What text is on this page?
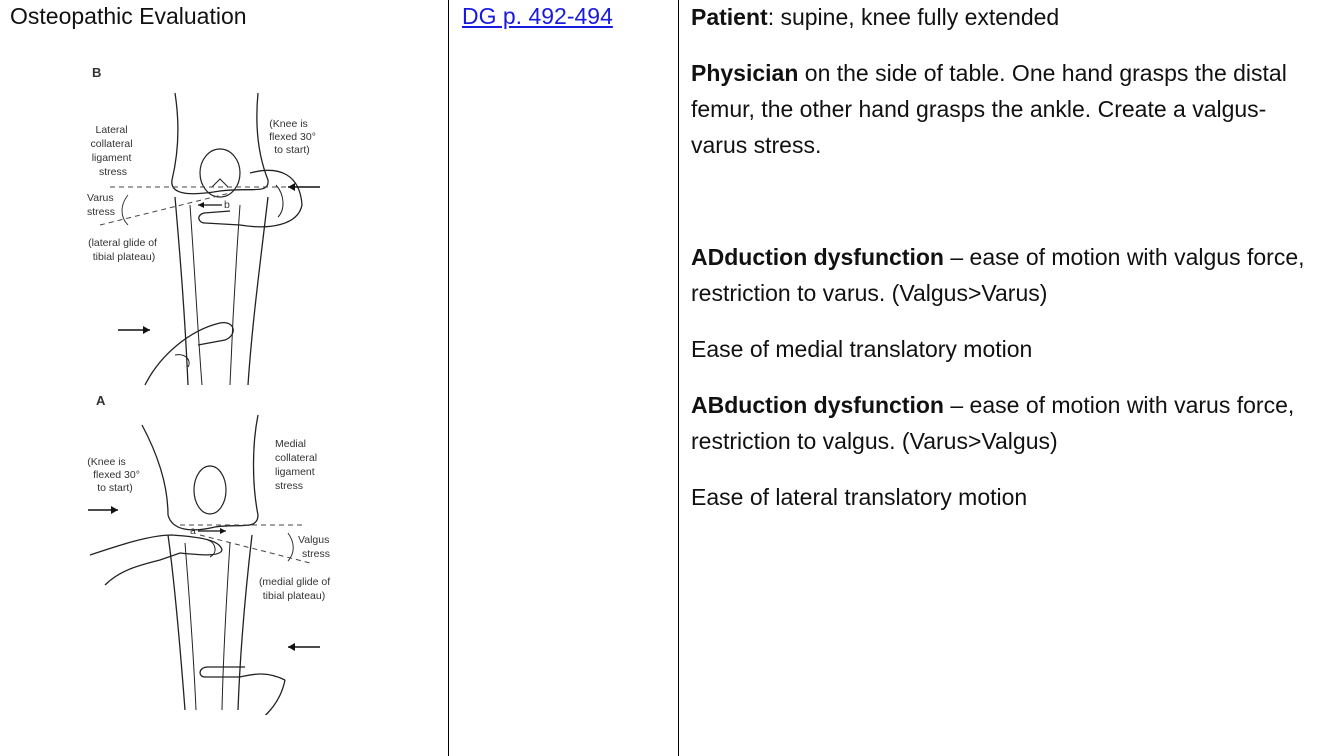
Osteopathic Evaluation
B
b
Lateral collateral ligament stress
(Knee is flexed 30° to start)
Varus stress
(lateral glide of tibial plateau)
A
a
(Knee is flexed 30° to start)
Medial collateral ligament stress
Valgus stress
(medial glide of tibial plateau)
DG p. 492-494	Patient: supine, knee fully extended
Physician on the side of table. One hand grasps the distal femur, the other hand grasps the ankle. Create a valgus-varus stress.
ADduction dysfunction – ease of motion with valgus force, restriction to varus. (Valgus>Varus)
Ease of medial translatory motion
ABduction dysfunction – ease of motion with varus force, restriction to valgus. (Varus>Valgus)
Ease of lateral translatory motion
